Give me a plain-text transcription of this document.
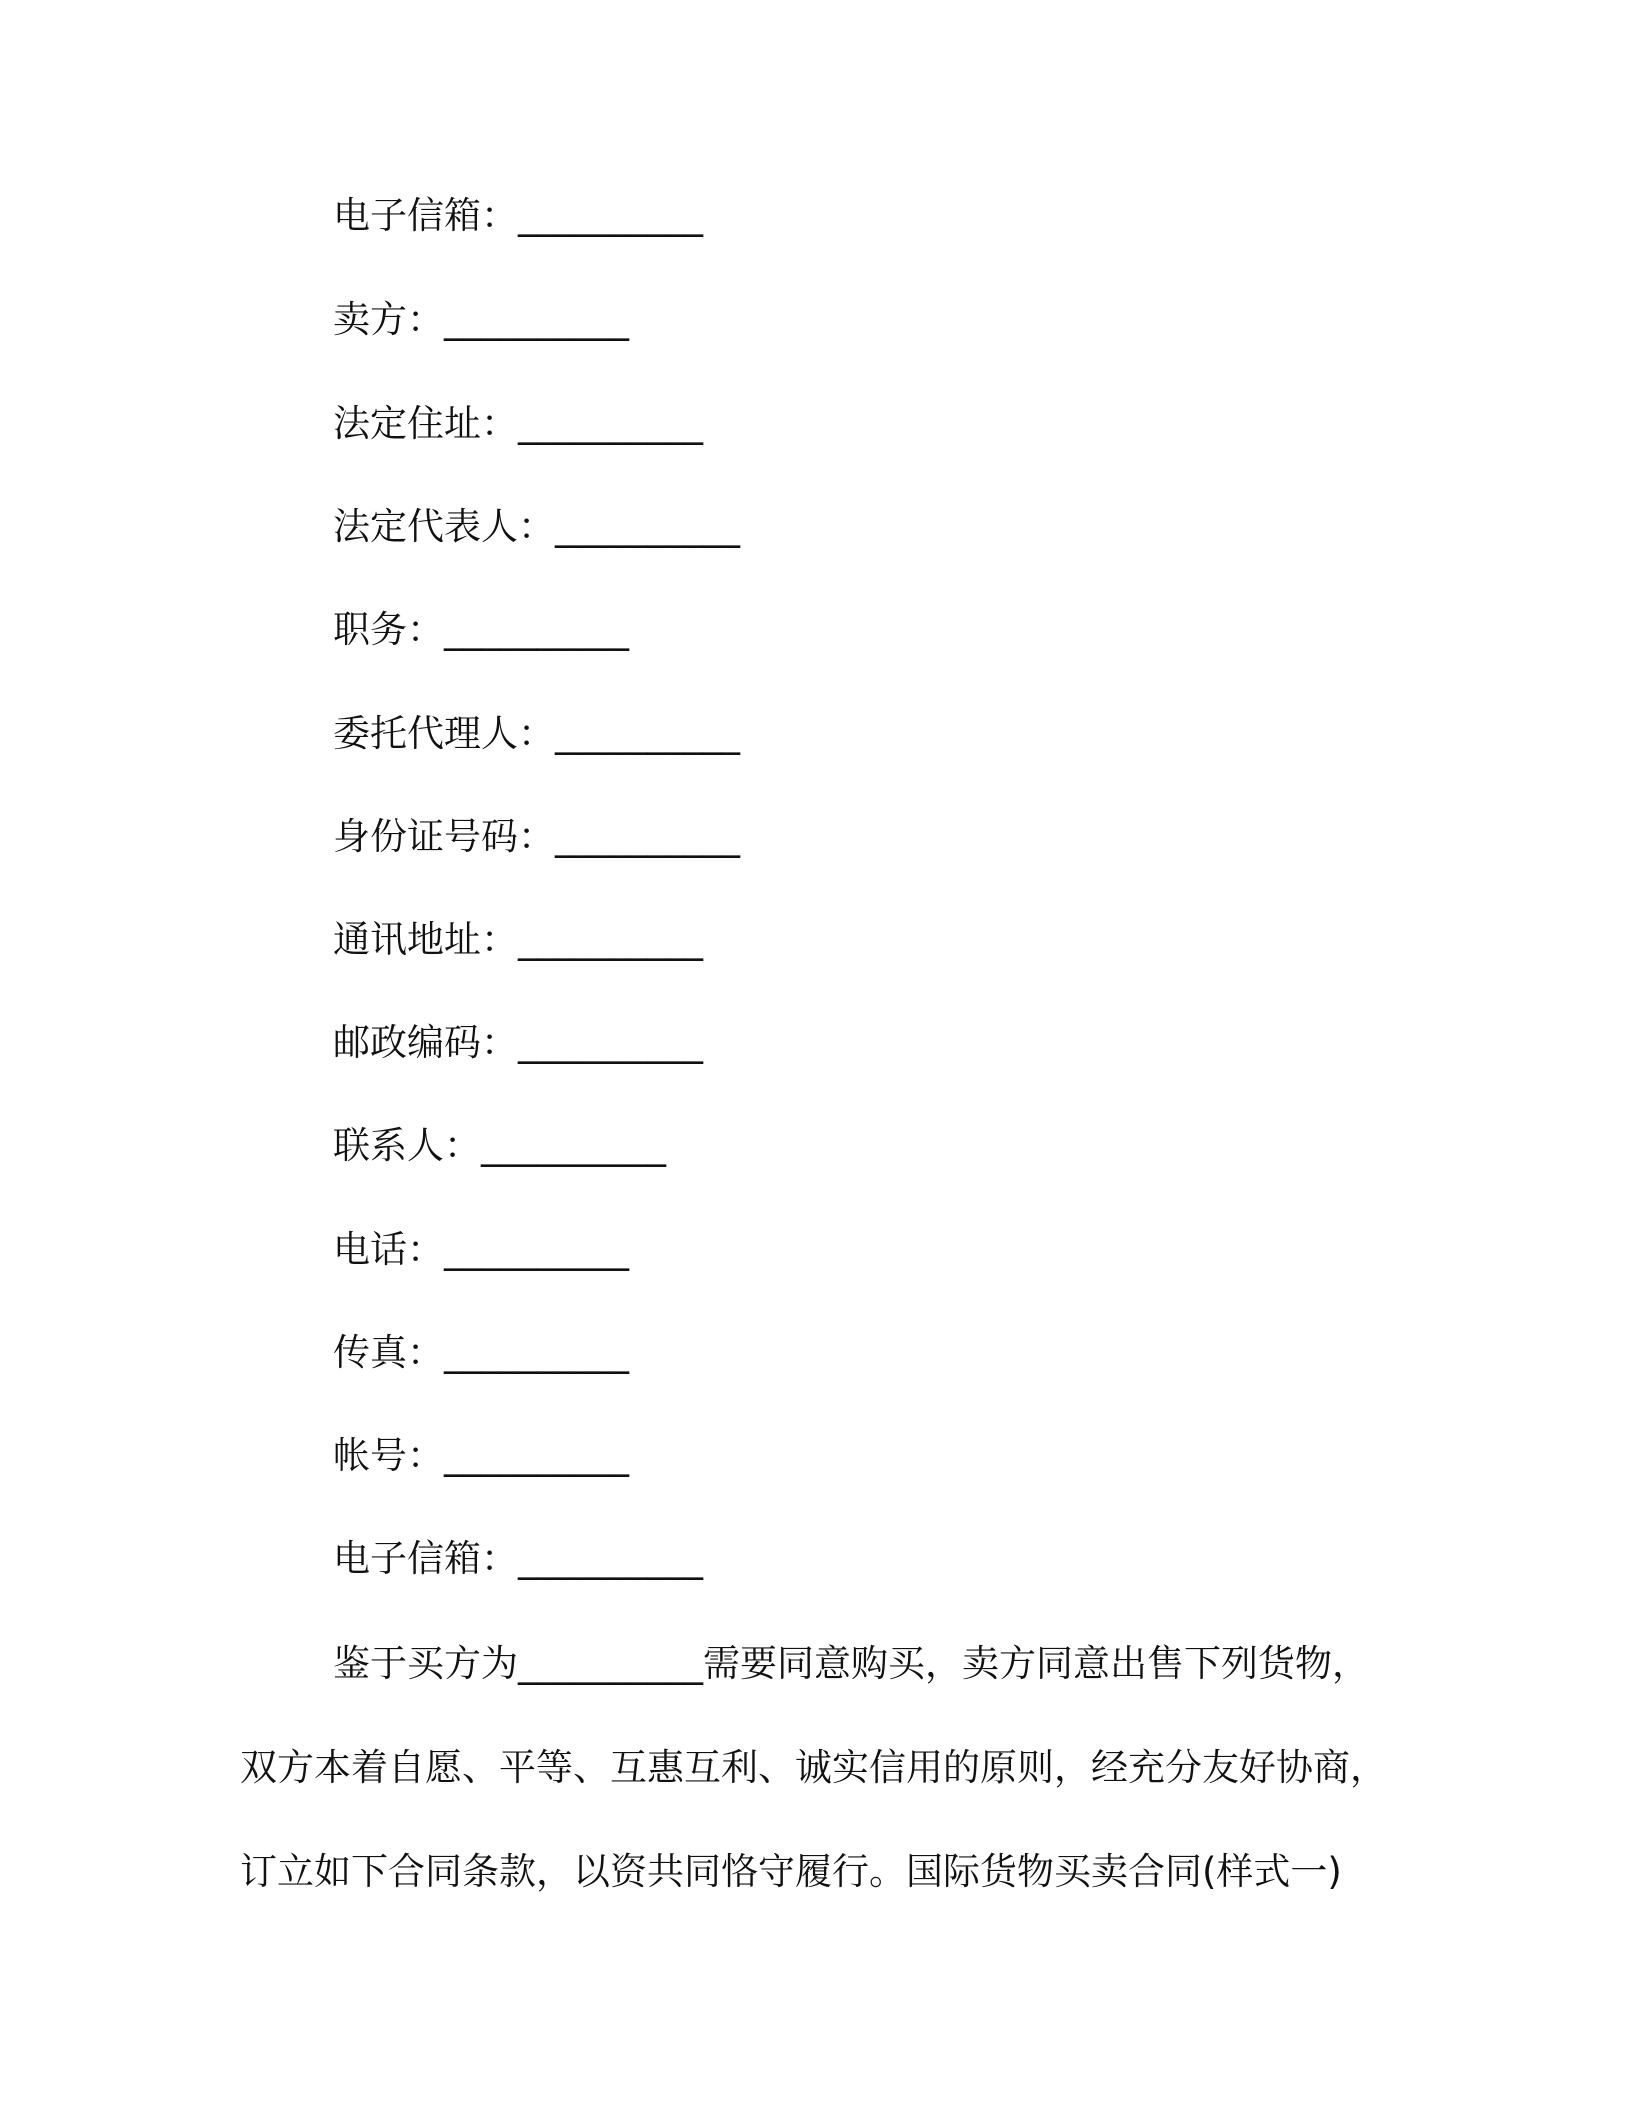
电子信箱：__________
卖方：__________
法定住址：__________
法定代表人：__________
职务：__________
委托代理人：__________
身份证号码：__________
通讯地址：__________
邮政编码：__________
联系人：__________
电话：__________
传真：__________
帐号：__________
电子信箱：__________
鉴于买方为__________需要同意购买，卖方同意出售下列货物，
双方本着自愿、平等、互惠互利、诚实信用的原则，经充分友好协商，
订立如下合同条款，以资共同恪守履行。国际货物买卖合同(样式一)
